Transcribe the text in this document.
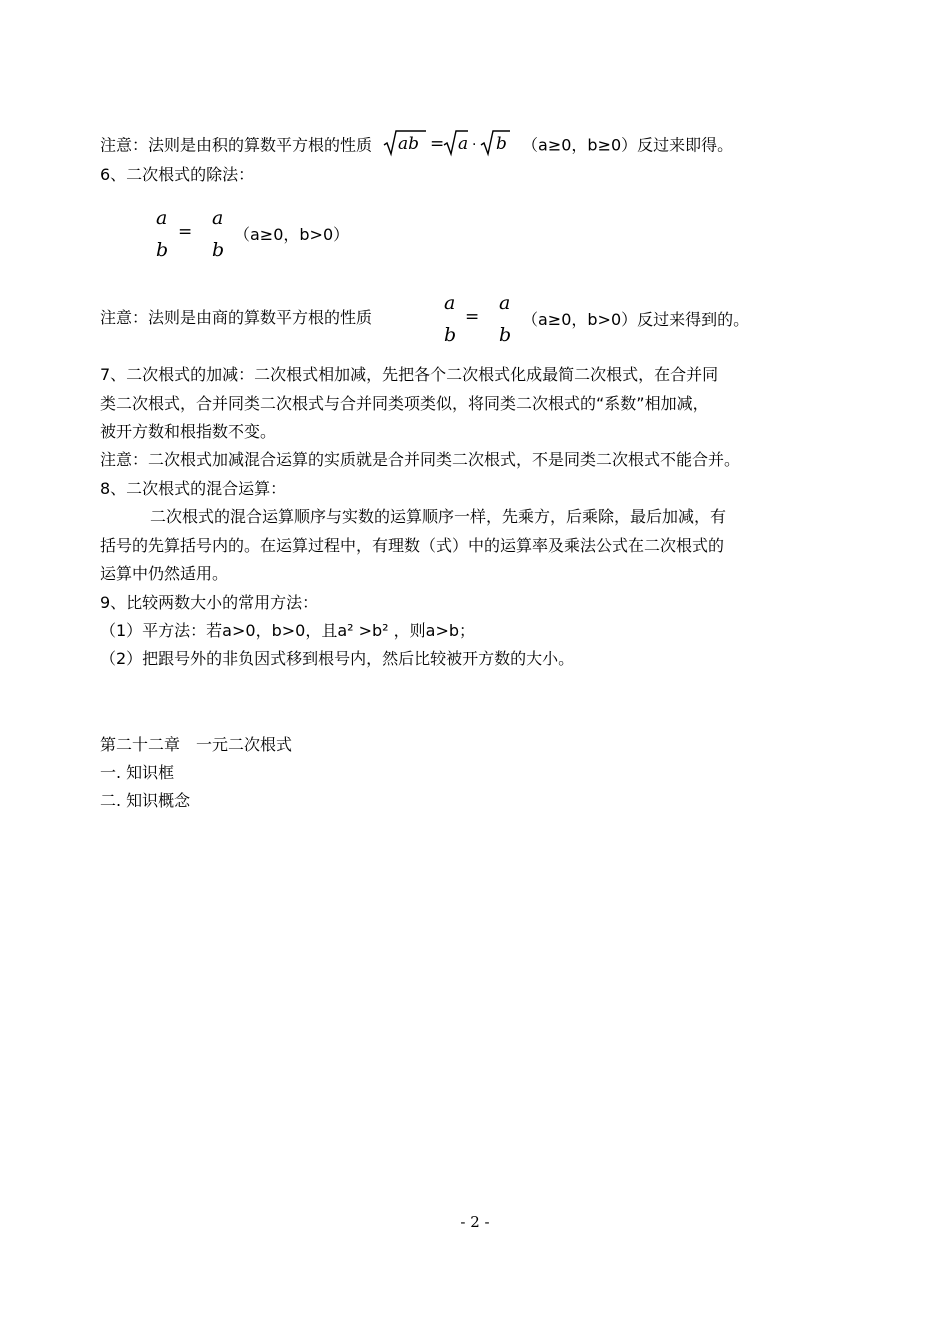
注意：法则是由积的算数平方根的性质 ab = a · b （a≥0，b≥0）反过来即得。
6、二次根式的除法：
a
b
=
a
b
（a≥0，b>0）
注意：法则是由商的算数平方根的性质
a
b
=
a
b
（a≥0，b>0）反过来得到的。
7、二次根式的加减：二次根式相加减，先把各个二次根式化成最简二次根式，在合并同
类二次根式，合并同类二次根式与合并同类项类似，将同类二次根式的“系数”相加减，
被开方数和根指数不变。
注意：二次根式加减混合运算的实质就是合并同类二次根式，不是同类二次根式不能合并。
8、二次根式的混合运算：
二次根式的混合运算顺序与实数的运算顺序一样，先乘方，后乘除，最后加减，有
括号的先算括号内的。在运算过程中，有理数（式）中的运算率及乘法公式在二次根式的
运算中仍然适用。
9、比较两数大小的常用方法：
（1）平方法：若a>0，b>0，且a² >b² ，则a>b；
（2）把跟号外的非负因式移到根号内，然后比较被开方数的大小。
第二十二章　一元二次根式
一. 知识框
二. 知识概念
- 2 -
